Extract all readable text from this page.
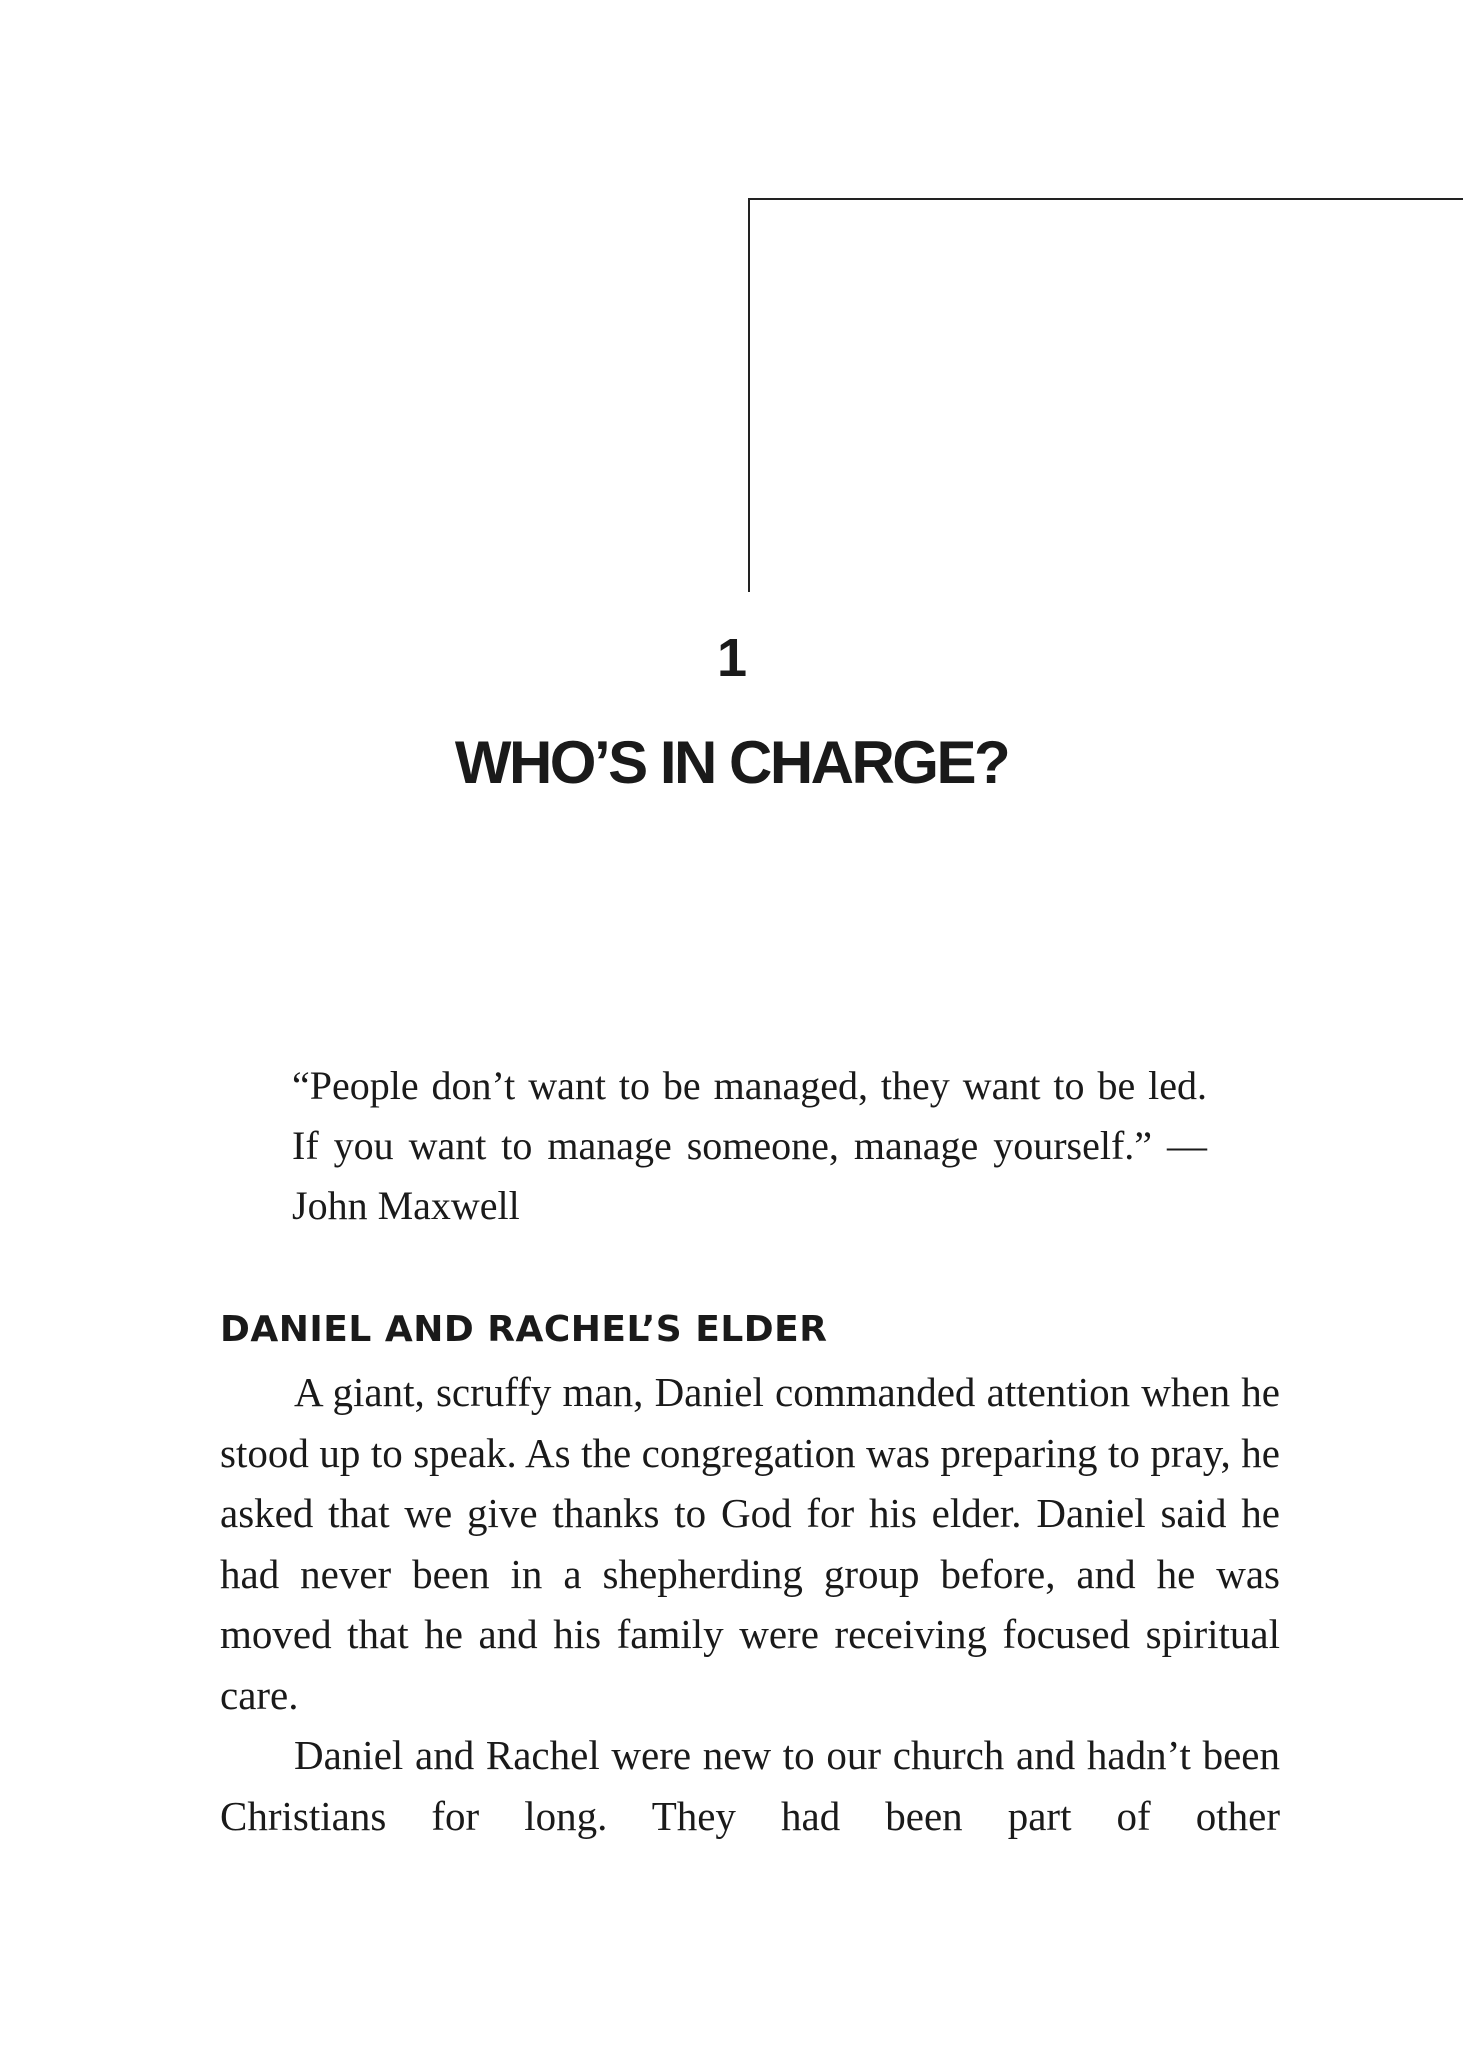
1
WHO’S IN CHARGE?

“People don’t want to be managed, they want to be led. If you want to manage someone, manage yourself.” —John Maxwell

DANIEL AND RACHEL’S ELDER

A giant, scruffy man, Daniel commanded attention when he stood up to speak. As the congregation was preparing to pray, he asked that we give thanks to God for his elder. Daniel said he had never been in a shepherding group before, and he was moved that he and his family were receiving focused spiritual care.

Daniel and Rachel were new to our church and hadn’t been Christians for long. They had been part of other
